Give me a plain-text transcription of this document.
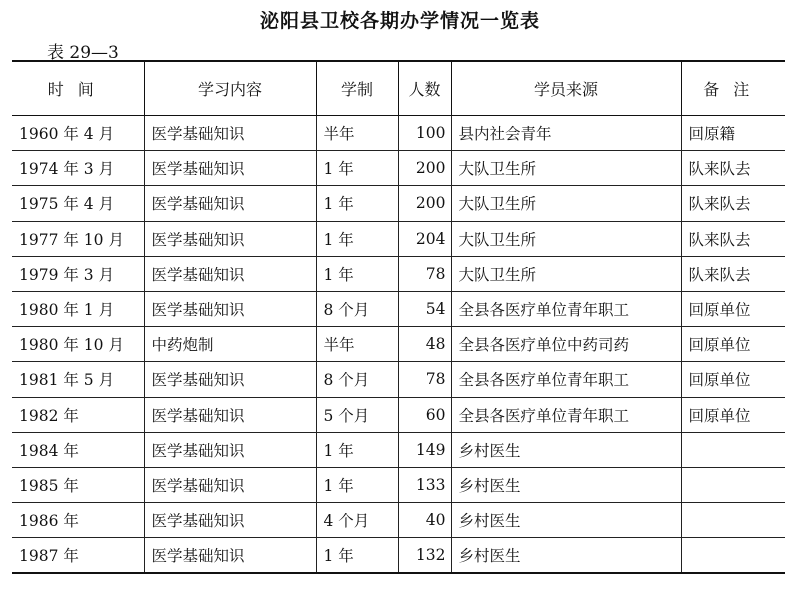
泌阳县卫校各期办学情况一览表
表 29—3
时间	学习内容	学制	人数	学员来源	备注
1960 年 4 月	医学基础知识	半年	100	县内社会青年	回原籍
1974 年 3 月	医学基础知识	1 年	200	大队卫生所	队来队去
1975 年 4 月	医学基础知识	1 年	200	大队卫生所	队来队去
1977 年 10 月	医学基础知识	1 年	204	大队卫生所	队来队去
1979 年 3 月	医学基础知识	1 年	78	大队卫生所	队来队去
1980 年 1 月	医学基础知识	8 个月	54	全县各医疗单位青年职工	回原单位
1980 年 10 月	中药炮制	半年	48	全县各医疗单位中药司药	回原单位
1981 年 5 月	医学基础知识	8 个月	78	全县各医疗单位青年职工	回原单位
1982 年	医学基础知识	5 个月	60	全县各医疗单位青年职工	回原单位
1984 年	医学基础知识	1 年	149	乡村医生	
1985 年	医学基础知识	1 年	133	乡村医生	
1986 年	医学基础知识	4 个月	40	乡村医生	
1987 年	医学基础知识	1 年	132	乡村医生	
